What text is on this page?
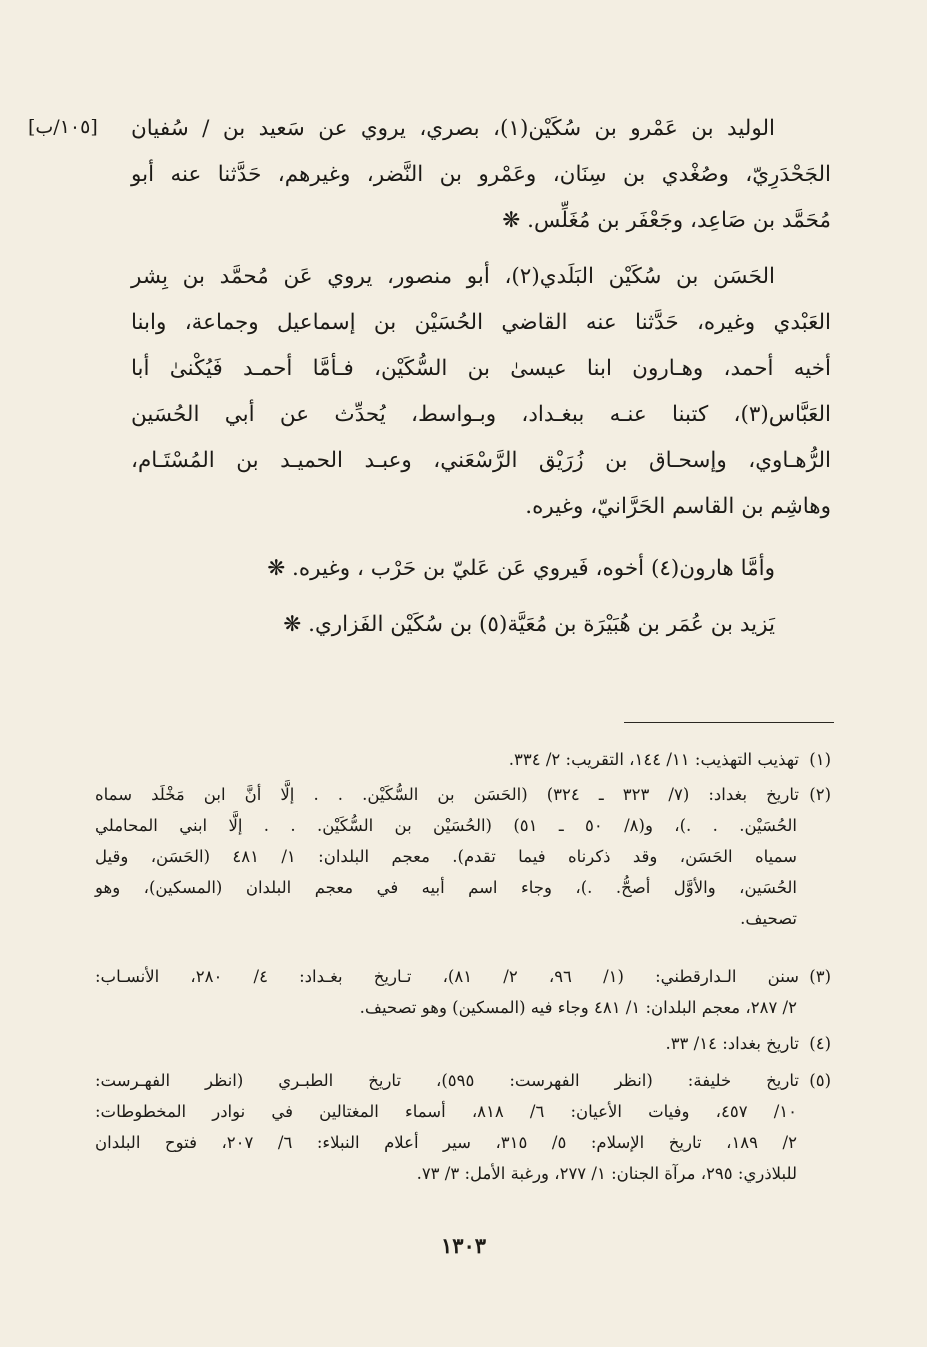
[١٠٥/ب]	الوليد بن عَمْرو بن سُكَيْن(١)، بصري، يروي عن سَعيد بن / سُفيان
الجَحْدَرِيّ، وصُغْدي بن سِنَان، وعَمْرو بن النَّضر، وغيرهم، حَدَّثنا عنه أبو
مُحَمَّد بن صَاعِد، وجَعْفَر بن مُغَلِّس. ❋

الحَسَن بن سُكَيْن البَلَدي(٢)، أبو منصور، يروي عَن مُحمَّد بن بِشر
العَبْدي وغيره، حَدَّثنا عنه القاضي الحُسَيْن بن إسماعيل وجماعة، وابنا
أخيه أحمد، وهـارون ابنا عيسىٰ بن السُّكَيْن، فـأمَّا أحمـد فَيُكْنىٰ أبا
العَبَّاس(٣)، كتبنا عنـه ببغـداد، وبـواسط، يُحدِّث عن أبي الحُسَين
الرُّهـاوي، وإسحـاق بن زُرَيْق الرَّسْعَني، وعبـد الحميـد بن المُسْتَـام،
وهاشِم بن القاسم الحَرَّانيّ، وغيره.

وأمَّا هارون(٤) أخوه، فَيروي عَن عَليّ بن حَرْب ، وغيره. ❋

يَزيد بن عُمَر بن هُبَيْرَة بن مُعَيَّة(٥) بن سُكَيْن الفَزاري. ❋

(١)تهذيب التهذيب: ١١/ ١٤٤، التقريب: ٢/ ٣٣٤.

(٢)تاريخ بغداد: (٧/ ٣٢٣ ـ ٣٢٤) (الحَسَن بن السُّكَيْن. . . إلَّا أنَّ ابن مَخْلَد سماه
الحُسَيْن. . .)، و(٨/ ٥٠ ـ ٥١) (الحُسَيْن بن السُّكَيْن. . . إلَّا ابني المحاملي
سمياه الحَسَن، وقد ذكرناه فيما تقدم). معجم البلدان: ١/ ٤٨١ (الحَسَن، وقيل
الحُسَين، والأوَّل أصحُّ. .)، وجاء اسم أبيه في معجم البلدان (المسكين)، وهو
تصحيف.

(٣)سنن الـدارقطني: (١/ ٩٦، ٢/ ٨١)، تـاريخ بغـداد: ٤/ ٢٨٠، الأنسـاب:
٢/ ٢٨٧، معجم البلدان: ١/ ٤٨١ وجاء فيه (المسكين) وهو تصحيف.

(٤)تاريخ بغداد: ١٤/ ٣٣.

(٥)تاريخ خليفة: (انظر الفهرست: ٥٩٥)، تاريخ الطبـري (انظر الفهـرست:
١٠/ ٤٥٧، وفيات الأعيان: ٦/ ٨١٨، أسماء المغتالين في نوادر المخطوطات:
٢/ ١٨٩، تاريخ الإسلام: ٥/ ٣١٥، سير أعلام النبلاء: ٦/ ٢٠٧، فتوح البلدان
للبلاذري: ٢٩٥، مرآة الجنان: ١/ ٢٧٧، ورغبة الأمل: ٣/ ٧٣.

١٣٠٣
